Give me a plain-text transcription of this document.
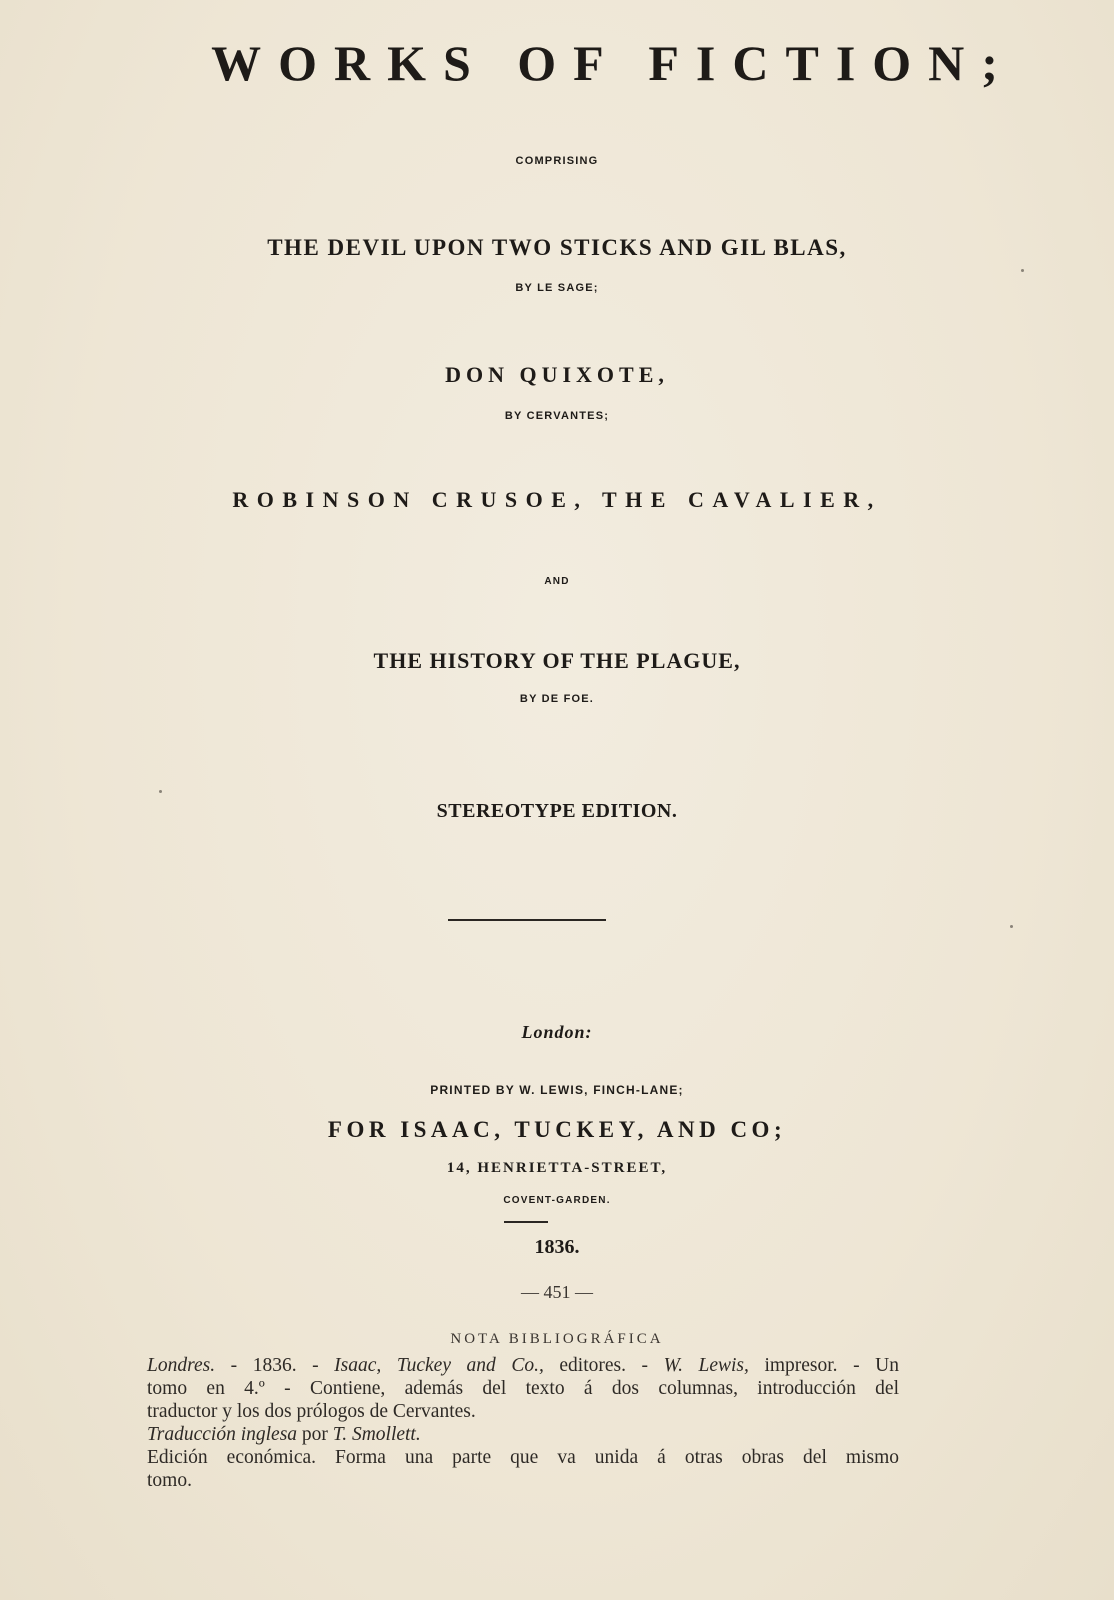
WORKS OF FICTION;
COMPRISING
THE DEVIL UPON TWO STICKS AND GIL BLAS,
BY LE SAGE;
DON QUIXOTE,
BY CERVANTES;
ROBINSON CRUSOE, THE CAVALIER,
AND
THE HISTORY OF THE PLAGUE,
BY DE FOE.
STEREOTYPE EDITION.
London:
PRINTED BY W. LEWIS, FINCH-LANE;
FOR ISAAC, TUCKEY, AND CO;
14, HENRIETTA-STREET,
COVENT-GARDEN.
1836.
— 451 —
NOTA BIBLIOGRÁFICA

Londres. - 1836. - Isaac, Tuckey and Co., editores. - W. Lewis, impresor. - Un

tomo en 4.º - Contiene, además del texto á dos columnas, introducción del

traductor y los dos prólogos de Cervantes.

Traducción inglesa por T. Smollett.

Edición económica. Forma una parte que va unida á otras obras del mismo

tomo.
